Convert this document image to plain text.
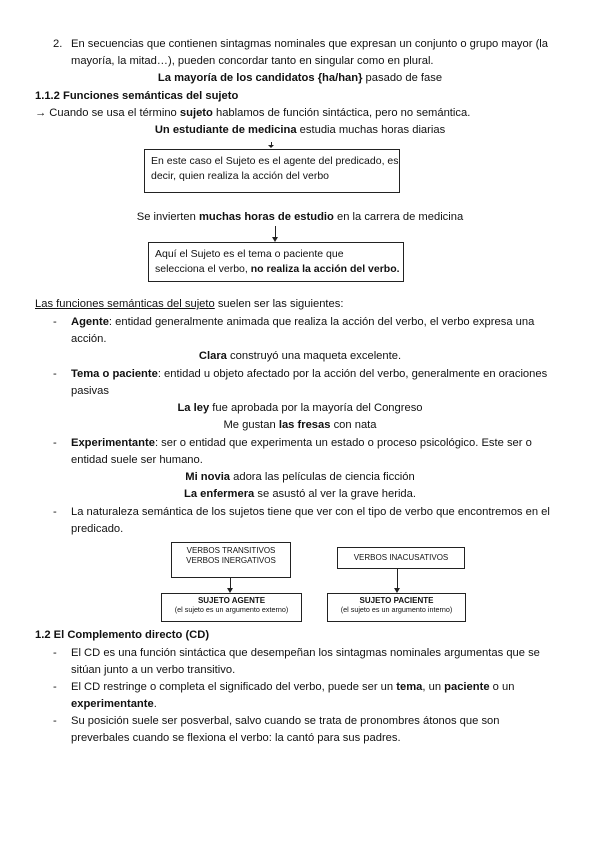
2. En secuencias que contienen sintagmas nominales que expresan un conjunto o grupo mayor (la
mayoría, la mitad…), pueden concordar tanto en singular como en plural.
La mayoría de los candidatos {ha/han} pasado de fase
1.1.2 Funciones semánticas del sujeto
→ Cuando se usa el término sujeto hablamos de función sintáctica, pero no semántica.
Un estudiante de medicina estudia muchas horas diarias
En este caso el Sujeto es el agente del predicado, es
decir, quien realiza la acción del verbo
Se invierten muchas horas de estudio en la carrera de medicina
Aquí el Sujeto es el tema o paciente que
selecciona el verbo, no realiza la acción del verbo.
Las funciones semánticas del sujeto suelen ser las siguientes:
- Agente: entidad generalmente animada que realiza la acción del verbo, el verbo expresa una
acción.
Clara construyó una maqueta excelente.
- Tema o paciente: entidad u objeto afectado por la acción del verbo, generalmente en oraciones
pasivas
La ley fue aprobada por la mayoría del Congreso
Me gustan las fresas con nata
- Experimentante: ser o entidad que experimenta un estado o proceso psicológico. Este ser o
entidad suele ser humano.
Mi novia adora las películas de ciencia ficción
La enfermera se asustó al ver la grave herida.
- La naturaleza semántica de los sujetos tiene que ver con el tipo de verbo que encontremos en el
predicado.
VERBOS TRANSITIVOS
VERBOS INERGATIVOS
SUJETO AGENTE
(el sujeto es un argumento externo)
VERBOS INACUSATIVOS
SUJETO PACIENTE
(el sujeto es un argumento interno)
1.2 El Complemento directo (CD)
- El CD es una función sintáctica que desempeñan los sintagmas nominales argumentas que se
sitúan junto a un verbo transitivo.
- El CD restringe o completa el significado del verbo, puede ser un tema, un paciente o un
experimentante.
- Su posición suele ser posverbal, salvo cuando se trata de pronombres átonos que son
preverbales cuando se flexiona el verbo: la cantó para sus padres.
